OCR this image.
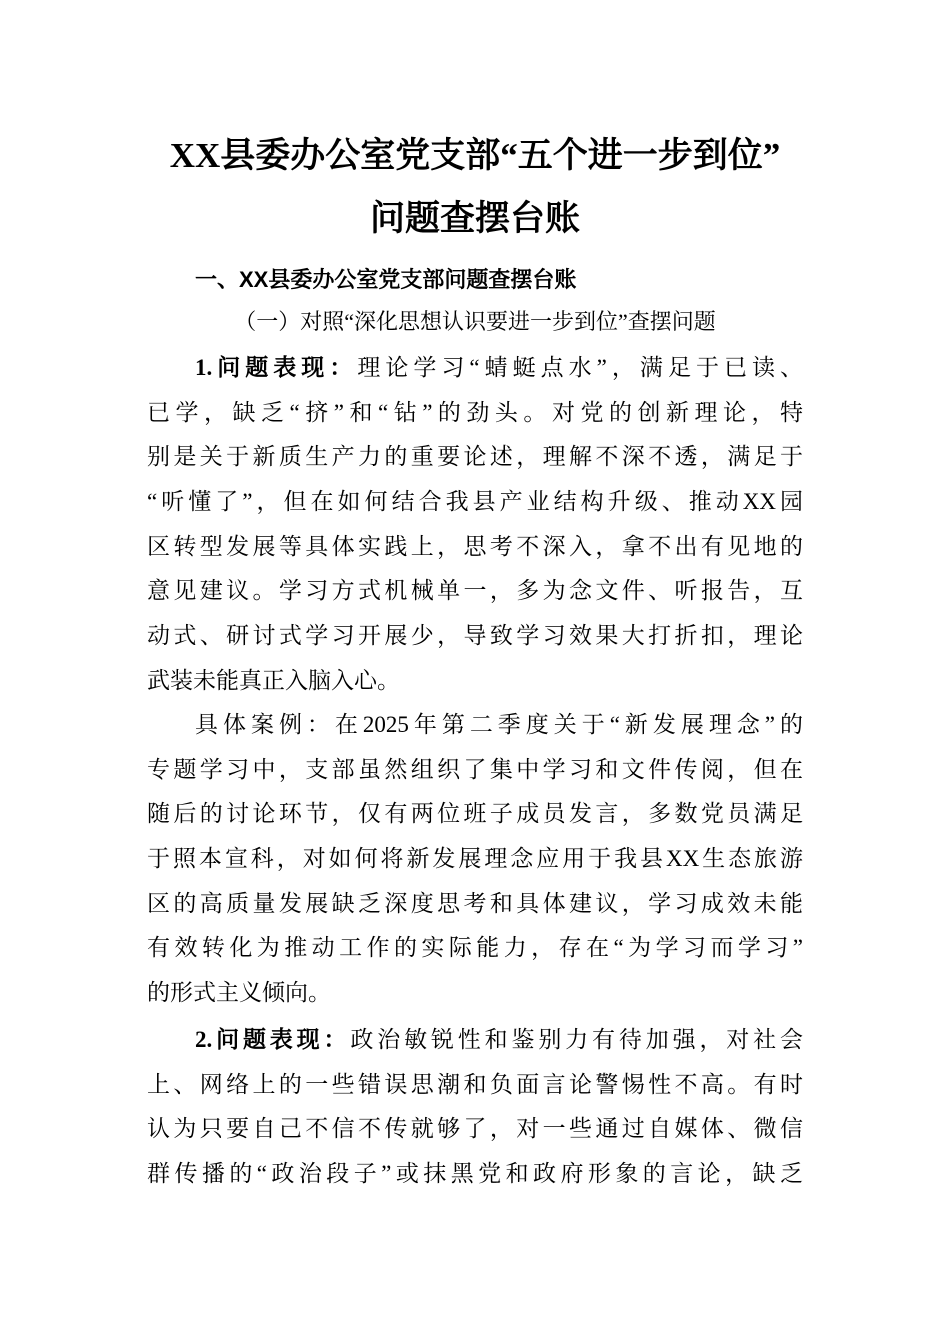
XX县委办公室党支部“五个进一步到位”
问题查摆台账
一、XX县委办公室党支部问题查摆台账
（一）对照“深化思想认识要进一步到位”查摆问题
1.问题表现：理论学习“蜻蜓点水”，满足于已读、
已学，缺乏“挤”和“钻”的劲头。对党的创新理论，特
别是关于新质生产力的重要论述，理解不深不透，满足于
“听懂了”，但在如何结合我县产业结构升级、推动XX园
区转型发展等具体实践上，思考不深入，拿不出有见地的
意见建议。学习方式机械单一，多为念文件、听报告，互
动式、研讨式学习开展少，导致学习效果大打折扣，理论
武装未能真正入脑入心。
具体案例：在2025年第二季度关于“新发展理念”的
专题学习中，支部虽然组织了集中学习和文件传阅，但在
随后的讨论环节，仅有两位班子成员发言，多数党员满足
于照本宣科，对如何将新发展理念应用于我县XX生态旅游
区的高质量发展缺乏深度思考和具体建议，学习成效未能
有效转化为推动工作的实际能力，存在“为学习而学习”
的形式主义倾向。
2.问题表现：政治敏锐性和鉴别力有待加强，对社会
上、网络上的一些错误思潮和负面言论警惕性不高。有时
认为只要自己不信不传就够了，对一些通过自媒体、微信
群传播的“政治段子”或抹黑党和政府形象的言论，缺乏
